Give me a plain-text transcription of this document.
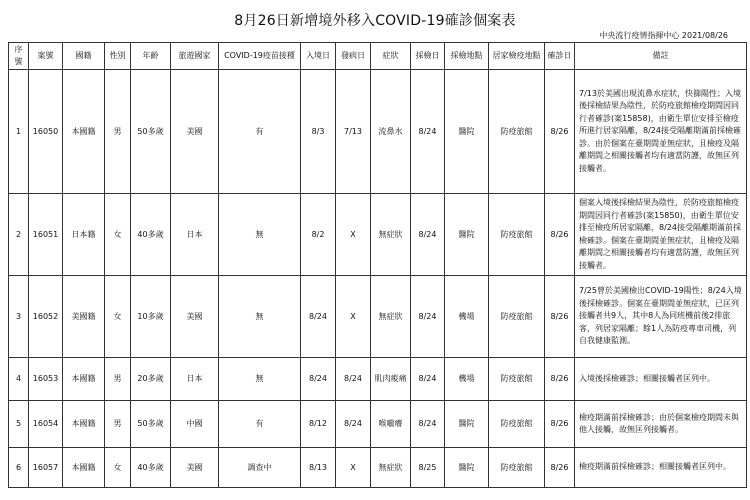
8月26日新增境外移入COVID-19確診個案表
中央流行疫情指揮中心 2021/08/26
序號	案號	國籍	性別	年齡	旅遊國家	COVID-19疫苗接種	入境日	發病日	症狀	採檢日	採檢地點	居家檢疫地點	確診日	備註
1	16050	本國籍	男	50多歲	美國	有	8/3	7/13	流鼻水	8/24	醫院	防疫旅館	8/26	7/13於美國出現流鼻水症狀，快篩陽性；入境後採檢結果為陰性，於防疫旅館檢疫期間因同行者確診(案15858)，由衛生單位安排至檢疫所進行居家隔離，8/24接受隔離期滿前採檢確診。由於個案在臺期間並無症狀，且檢疫及隔離期間之相關接觸者均有適當防護，故無匡列接觸者。
2	16051	日本籍	女	40多歲	日本	無	8/2	X	無症狀	8/24	醫院	防疫旅館	8/26	個案入境後採檢結果為陰性，於防疫旅館檢疫期間因同行者確診(案15850)，由衛生單位安排至檢疫所居家隔離，8/24接受隔離期滿前採檢確診。個案在臺期間並無症狀，且檢疫及隔離期間之相關接觸者均有適當防護，故無匡列接觸者。
3	16052	美國籍	女	10多歲	美國	無	8/24	X	無症狀	8/24	機場	防疫旅館	8/26	7/25曾於美國檢出COVID-19陽性；8/24入境後採檢確診。個案在臺期間並無症狀，已匡列接觸者共9人，其中8人為同班機前後2排旅客，列居家隔離；餘1人為防疫專車司機，列自我健康監測。
4	16053	本國籍	男	20多歲	日本	無	8/24	8/24	肌肉痠痛	8/24	機場	防疫旅館	8/26	入境後採檢確診；相關接觸者匡列中。
5	16054	本國籍	男	50多歲	中國	有	8/12	8/24	喉嚨癢	8/24	醫院	防疫旅館	8/26	檢疫期滿前採檢確診；由於個案檢疫期間未與他人接觸，故無匡列接觸者。
6	16057	本國籍	女	40多歲	美國	調查中	8/13	X	無症狀	8/25	醫院	防疫旅館	8/26	檢疫期滿前採檢確診；相關接觸者匡列中。
